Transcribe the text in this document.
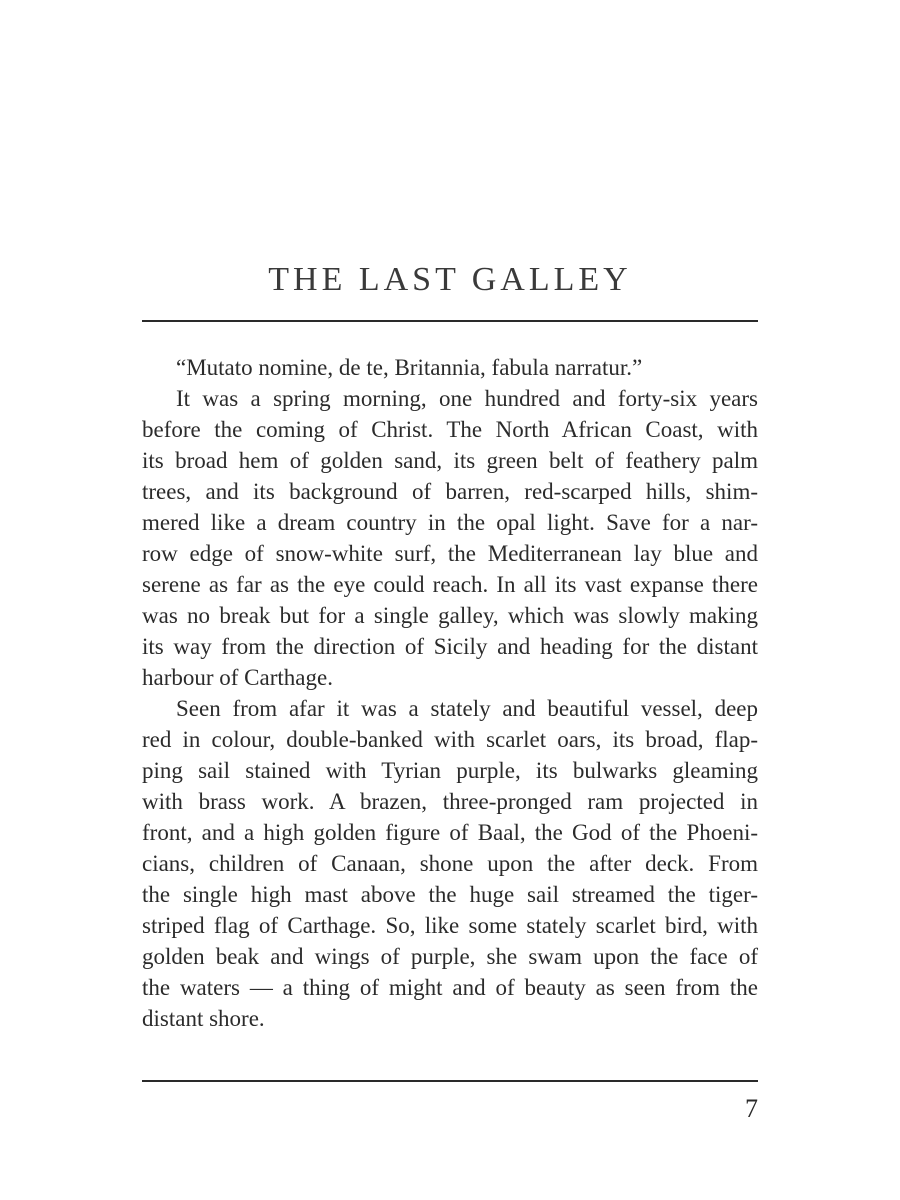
THE LAST GALLEY
“Mutato nomine, de te, Britannia, fabula narratur.”
It was a spring morning, one hundred and forty-six years
before the coming of Christ. The North African Coast, with
its broad hem of golden sand, its green belt of feathery palm
trees, and its background of barren, red-scarped hills, shim-
mered like a dream country in the opal light. Save for a nar-
row edge of snow-white surf, the Mediterranean lay blue and
serene as far as the eye could reach. In all its vast expanse there
was no break but for a single galley, which was slowly making
its way from the direction of Sicily and heading for the distant
harbour of Carthage.
Seen from afar it was a stately and beautiful vessel, deep
red in colour, double-banked with scarlet oars, its broad, flap-
ping sail stained with Tyrian purple, its bulwarks gleaming
with brass work. A brazen, three-pronged ram projected in
front, and a high golden figure of Baal, the God of the Phoeni-
cians, children of Canaan, shone upon the after deck. From
the single high mast above the huge sail streamed the tiger-
striped flag of Carthage. So, like some stately scarlet bird, with
golden beak and wings of purple, she swam upon the face of
the waters — a thing of might and of beauty as seen from the
distant shore.
7
